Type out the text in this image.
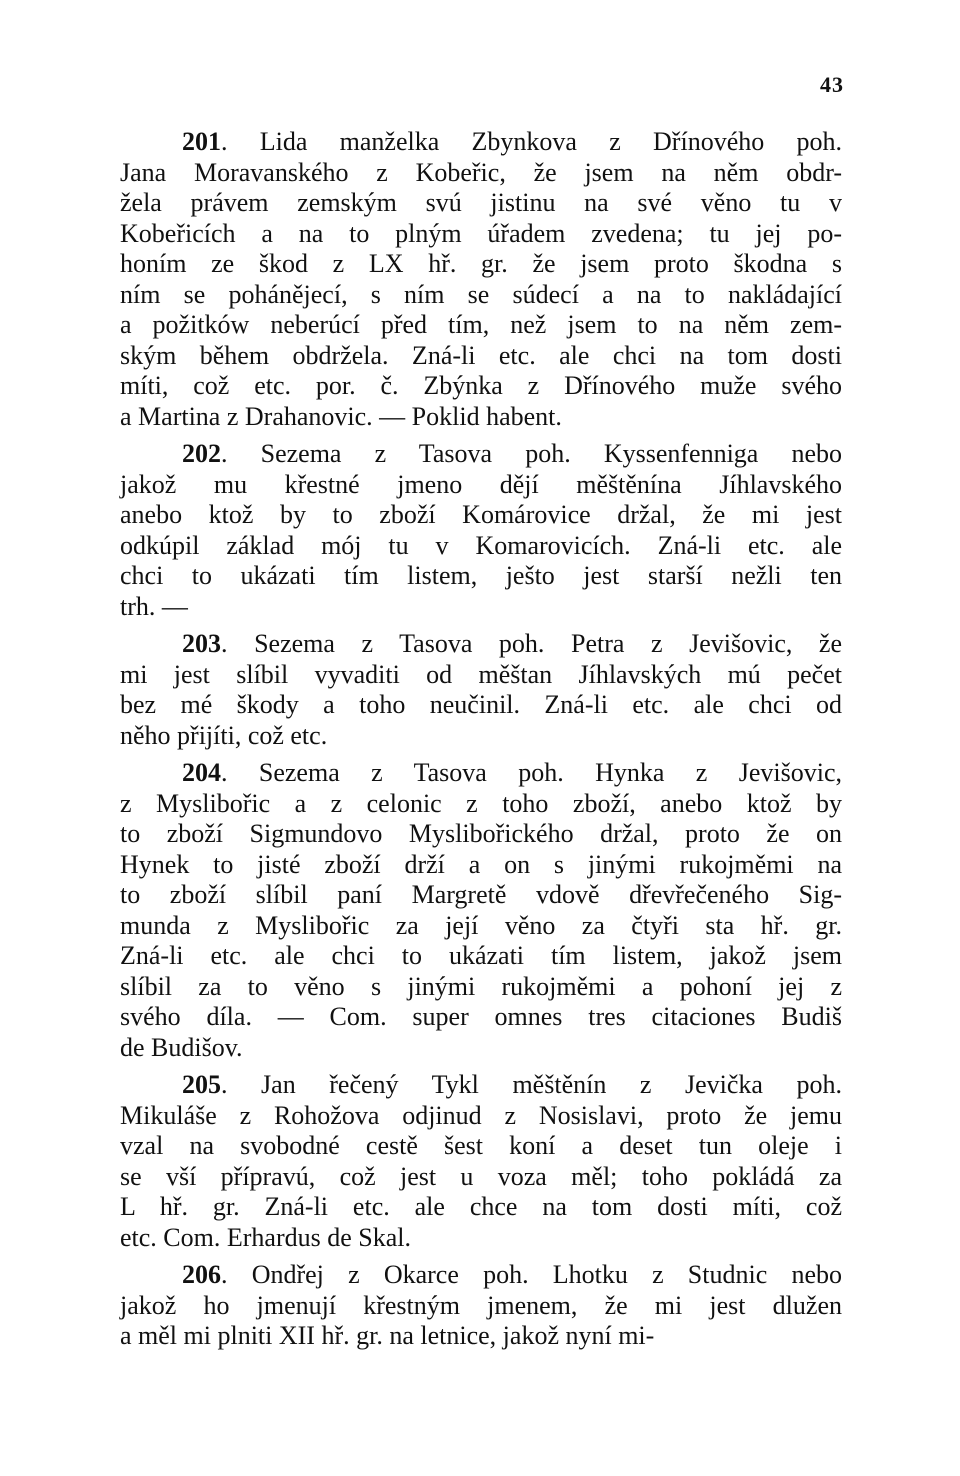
43
201. Lida manželka Zbynkova z Dřínového poh.
Jana Moravanského z Kobeřic, že jsem na něm obdr-
žela právem zemským svú jistinu na své věno tu v
Kobeřicích a na to plným úřadem zvedena; tu jej po-
honím ze škod z LX hř. gr. že jsem proto škodna s
ním se pohánějecí, s ním se súdecí a na to nakládající
a požitków neberúcí před tím, než jsem to na něm zem-
ským během obdržela. Zná-li etc. ale chci na tom dosti
míti, což etc. por. č. Zbýnka z Dřínového muže svého
a Martina z Drahanovic. — Poklid habent.
202. Sezema z Tasova poh. Kyssenfenniga nebo
jakož mu křestné jmeno dějí měštěnína Jíhlavského
anebo ktož by to zboží Komárovice držal, že mi jest
odkúpil základ mój tu v Komarovicích. Zná-li etc. ale
chci to ukázati tím listem, ješto jest starší nežli ten
trh. —
203. Sezema z Tasova poh. Petra z Jevišovic, že
mi jest slíbil vyvaditi od měštan Jíhlavských mú pečet
bez mé škody a toho neučinil. Zná-li etc. ale chci od
něho přijíti, což etc.
204. Sezema z Tasova poh. Hynka z Jevišovic,
z Myslibořic a z celonic z toho zboží, anebo ktož by
to zboží Sigmundovo Myslibořického držal, proto že on
Hynek to jisté zboží drží a on s jinými rukojměmi na
to zboží slíbil paní Margretě vdově dřevřečeného Sig-
munda z Myslibořic za její věno za čtyři sta hř. gr.
Zná-li etc. ale chci to ukázati tím listem, jakož jsem
slíbil za to věno s jinými rukojměmi a pohoní jej z
svého díla. — Com. super omnes tres citaciones Budiš
de Budišov.
205. Jan řečený Tykl měštěnín z Jevička poh.
Mikuláše z Rohožova odjinud z Nosislavi, proto že jemu
vzal na svobodné cestě šest koní a deset tun oleje i
se vší přípravú, což jest u voza měl; toho pokládá za
L hř. gr. Zná-li etc. ale chce na tom dosti míti, což
etc. Com. Erhardus de Skal.
206. Ondřej z Okarce poh. Lhotku z Studnic nebo
jakož ho jmenují křestným jmenem, že mi jest dlužen
a měl mi plniti XII hř. gr. na letnice, jakož nyní mi-
